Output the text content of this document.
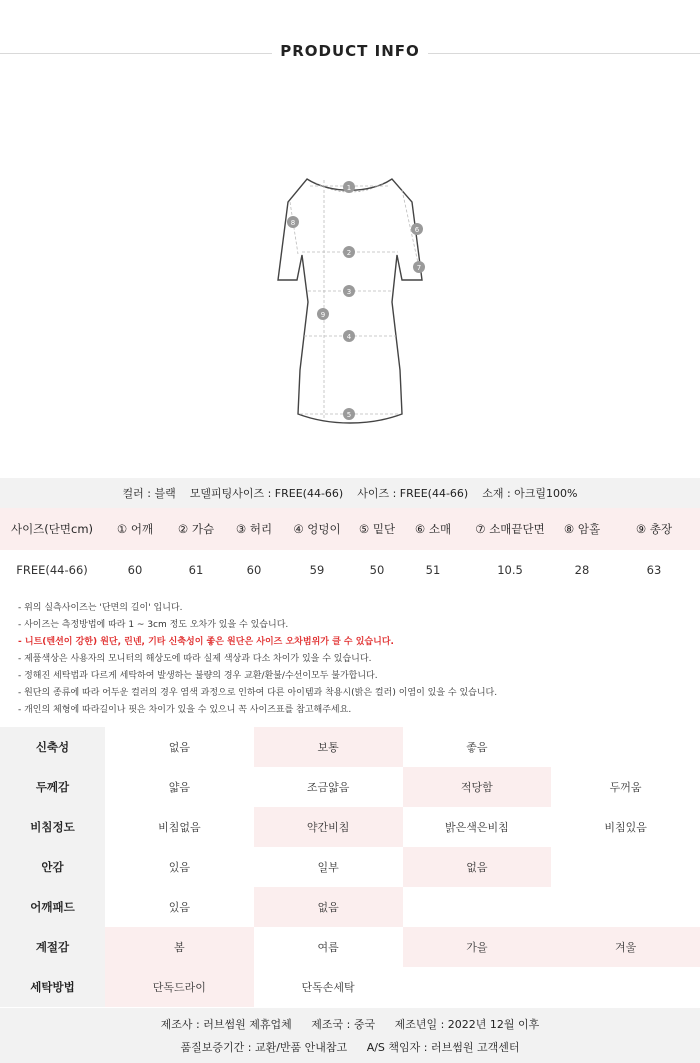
PRODUCT INFO
1
2
3
4
5
6
7
8
9
컬러 : 블랙 모델피팅사이즈 : FREE(44-66) 사이즈 : FREE(44-66) 소재 : 아크릴100%
사이즈(단면cm)	① 어깨	② 가슴	③ 허리	④ 엉덩이	⑤ 밑단	⑥ 소매	⑦ 소매끝단면	⑧ 암홀	⑨ 총장
FREE(44-66)	60	61	60	59	50	51	10.5	28	63
- 위의 실측사이즈는 '단면의 길이' 입니다.
- 사이즈는 측정방법에 따라 1 ~ 3cm 정도 오차가 있을 수 있습니다.
- 니트(텐션이 강한) 원단, 린넨, 기타 신축성이 좋은 원단은 사이즈 오차범위가 클 수 있습니다.
- 제품색상은 사용자의 모니터의 해상도에 따라 실제 색상과 다소 차이가 있을 수 있습니다.
- 정해진 세탁법과 다르게 세탁하여 발생하는 불량의 경우 교환/환불/수선이모두 불가합니다.
- 원단의 종류에 따라 어두운 컬러의 경우 염색 과정으로 인하여 다른 아이템과 착용시(밝은 컬러) 이염이 있을 수 있습니다.
- 개인의 체형에 따라길이나 핏은 차이가 있을 수 있으니 꼭 사이즈표를 참고해주세요.
신축성	없음	보통	좋음	
두께감	얇음	조금얇음	적당함	두꺼움
비침정도	비침없음	약간비침	밝은색은비침	비침있음
안감	있음	일부	없음	
어깨패드	있음	없음		
계절감	봄	여름	가을	겨울
세탁방법	단독드라이	단독손세탁		
제조사 : 러브썸원 제휴업체 제조국 : 중국 제조년일 : 2022년 12월 이후
품질보증기간 : 교환/반품 안내참고 A/S 책임자 : 러브썸원 고객센터
